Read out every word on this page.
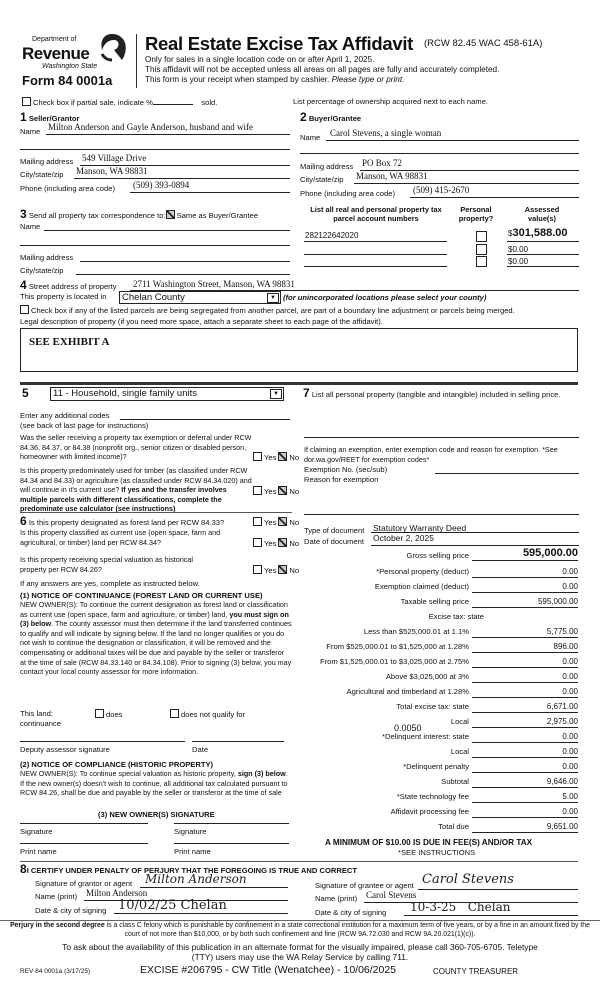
Department of
Revenue
Washington State
Form 84 0001a
Real Estate Excise Tax Affidavit (RCW 82.45 WAC 458-61A)
Only for sales in a single location code on or after April 1, 2025.
This affidavit will not be accepted unless all areas on all pages are fully and accurately completed.
This form is your receipt when stamped by cashier. Please type or print.
Check box if partial sale, indicate %	sold.	List percentage of ownership acquired next to each name.
1 Seller/Grantor
Name Milton Anderson and Gayle Anderson, husband and wife
Mailing address 549 Village Drive
City/state/zip Manson, WA 98831
Phone (including area code) (509) 393-0894
2 Buyer/Grantee
Name Carol Stevens, a single woman
Mailing address PO Box 72
City/state/zip Manson, WA 98831
Phone (including area code) (509) 415-2670
3 Send all property tax correspondence to: Same as Buyer/Grantee
Name
Mailing address
City/state/zip
List all real and personal property tax parcel account numbers
Personal property?
Assessed value(s)
282122642020	$301,588.00
$0.00
$0.00
4 Street address of property 2711 Washington Street, Manson, WA 98831
This property is located in	Chelan County	▼ (for unincorporated locations please select your county)
Check box if any of the listed parcels are being segregated from another parcel, are part of a boundary line adjustment or parcels being merged.
Legal description of property (if you need more space, attach a separate sheet to each page of the affidavit).
SEE EXHIBIT A
5	11 - Household, single family units	▼
Enter any additional codes
(see back of last page for instructions)
Was the seller receiving a property tax exemption or deferral under RCW 84.36, 84.37, or 84.38 (nonprofit org., senior citizen or disabled person, homeowner with limited income)?	Yes No
Is this property predominately used for timber (as classified under RCW 84.34 and 84.33) or agriculture (as classified under RCW 84.34.020) and will continue in it's current use? If yes and the transfer involves multiple parcels with different classifications, complete the predominate use calculator (see instructions)
Yes No
6 Is this property designated as forest land per RCW 84.33?	Yes No
Is this property classified as current use (open space, farm and agricultural, or timber) land per RCW 84.34?	Yes No
Is this property receiving special valuation as historical property per RCW 84.26?	Yes No
If any answers are yes, complete as instructed below.
(1) NOTICE OF CONTINUANCE (FOREST LAND OR CURRENT USE)
NEW OWNER(S): To continue the current designation as forest land or classification as current use (open space, farm and agriculture, or timber) land, you must sign on (3) below. The county assessor must then determine if the land transferred continues to qualify and will indicate by signing below. If the land no longer qualifies or you do not wish to continue the designation or classification, it will be removed and the compensating or additional taxes will be due and payable by the seller or transferor at the time of sale (RCW 84.33.140 or 84.34.108). Prior to signing (3) below, you may contact your local county assessor for more information.
This land:	does	does not qualify for
continuance
Deputy assessor signature	Date
(2) NOTICE OF COMPLIANCE (HISTORIC PROPERTY)
NEW OWNER(S): To continue special valuation as historic property, sign (3) below. If the new owner(s) doesn't wish to continue, all additional tax calculated pursuant to RCW 84.26, shall be due and payable by the seller or transferor at the time of sale
(3) NEW OWNER(S) SIGNATURE
Signature	Signature
Print name	Print name
7 List all personal property (tangible and intangible) included in selling price.
If claiming an exemption, enter exemption code and reason for exemption. *See dor.wa.gov/REET for exemption codes*
Exemption No. (sec/sub)
Reason for exemption
Type of document Statutory Warranty Deed
Date of document October 2, 2025
Gross selling price	595,000.00
*Personal property (deduct)	0.00
Exemption claimed (deduct)	0.00
Taxable selling price	595,000.00
Excise tax: state
Less than $525,000.01 at 1.1%	5,775.00
From $525,000.01 to $1,525,000 at 1.28%	896.00
From $1,525,000.01 to $3,025,000 at 2.75%	0.00
Above $3,025,000 at 3%	0.00
Agricultural and timberland at 1.28%	0.00
Total excise tax: state	6,671.00
Local	2,975.00
*Delinquent interest: state	0.00
Local	0.00
*Delinquent penalty	0.00
Subtotal	9,646.00
*State technology fee	5.00
Affidavit processing fee	0.00
Total due	9,651.00
0.0050
A MINIMUM OF $10.00 IS DUE IN FEE(S) AND/OR TAX
*SEE INSTRUCTIONS
8I CERTIFY UNDER PENALTY OF PERJURY THAT THE FOREGOING IS TRUE AND CORRECT
Signature of grantor or agent Milton Anderson
Name (print) Milton Anderson
Date & city of signing 10/02/25 Chelan
Signature of grantee or agent Carol Stevens
Name (print) Carol Stevens
Date & city of signing 10-3-25   Chelan
Perjury in the second degree is a class C felony which is punishable by confinement in a state correctional institution for a maximum term of five years, or by a fine in an amount fixed by the court of not more than $10,000, or by both such confinement and fine (RCW 9A.72.030 and RCW 9A.20.021(1)(c)).
To ask about the availability of this publication in an alternate format for the visually impaired, please call 360-705-6705. Teletype (TTY) users may use the WA Relay Service by calling 711.
REV 84 0001a (3/17/25)	EXCISE #206795 - CW Title (Wenatchee) - 10/06/2025	COUNTY TREASURER
